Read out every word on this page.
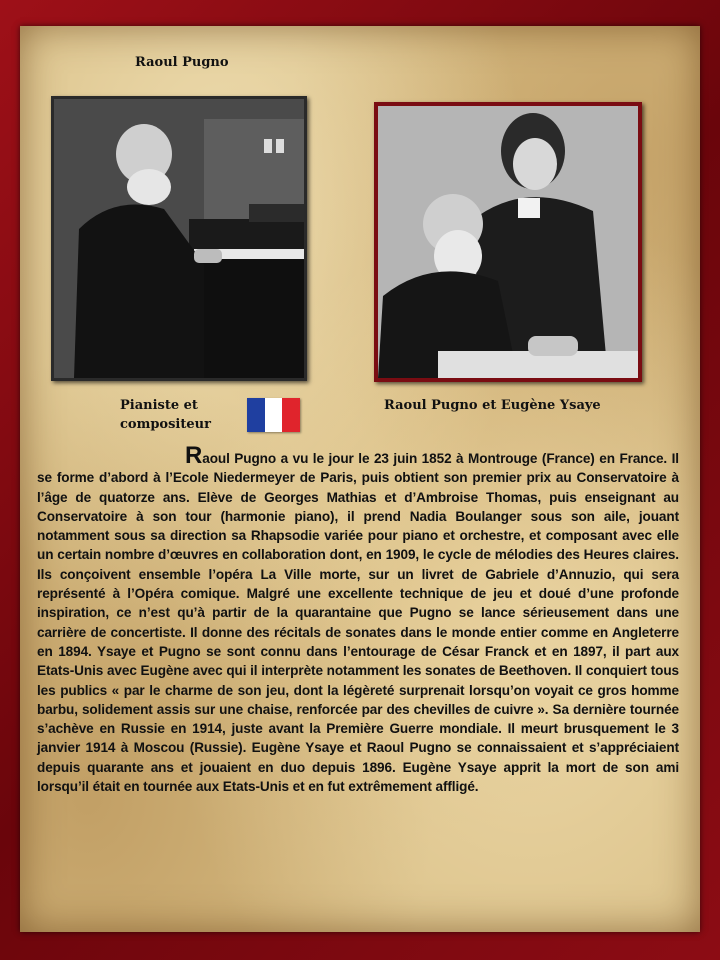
Raoul Pugno
Pianiste et compositeur
Raoul Pugno et Eugène Ysaye
Raoul Pugno a vu le jour le 23 juin 1852 à Montrouge (France) en France. Il se forme d’abord à l’Ecole Niedermeyer de Paris, puis obtient son premier prix au Conservatoire à l’âge de quatorze ans. Elève de Georges Mathias et d’Ambroise Thomas, puis enseignant au Conservatoire à son tour (harmonie piano), il prend Nadia Boulanger sous son aile, jouant notamment sous sa direction sa Rhapsodie variée pour piano et orchestre, et composant avec elle un certain nombre d’œuvres en collaboration dont, en 1909, le cycle de mélodies des Heures claires. Ils conçoivent ensemble l’opéra La Ville morte, sur un livret de Gabriele d’Annuzio, qui sera représenté à l’Opéra comique. Malgré une excellente technique de jeu et doué d’une profonde inspiration, ce n’est qu’à partir de la quarantaine que Pugno se lance sérieusement dans une carrière de concertiste. Il donne des récitals de sonates dans le monde entier comme en Angleterre en 1894. Ysaye et Pugno se sont connu dans l’entourage de César Franck et en 1897, il part aux Etats-Unis avec Eugène avec qui il interprète notamment les sonates de Beethoven. Il conquiert tous les publics « par le charme de son jeu, dont la légèreté surprenait lorsqu’on voyait ce gros homme barbu, solidement assis sur une chaise, renforcée par des chevilles de cuivre ». Sa dernière tournée s’achève en Russie en 1914, juste avant la Première Guerre mondiale. Il meurt brusquement le 3 janvier 1914 à Moscou (Russie). Eugène Ysaye et Raoul Pugno se connaissaient et s’appréciaient depuis quarante ans et jouaient en duo depuis 1896. Eugène Ysaye apprit la mort de son ami lorsqu’il était en tournée aux Etats-Unis et en fut extrêmement affligé.
